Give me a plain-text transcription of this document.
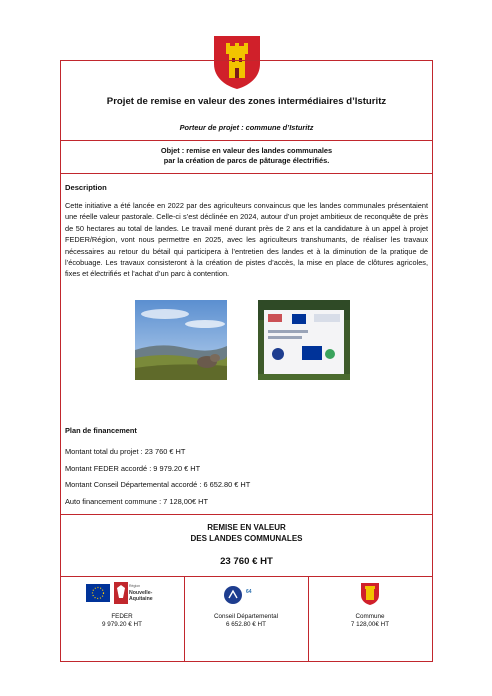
Projet de remise en valeur des zones intermédiaires d’Isturitz
Porteur de projet : commune d’Isturitz
Objet : remise en valeur des landes communales
par la création de parcs de pâturage électrifiés.
Description
Cette initiative a été lancée en 2022 par des agriculteurs convaincus que les landes communales présentaient une réelle valeur pastorale. Celle-ci s’est déclinée en 2024, autour d’un projet ambitieux de reconquête de près de 50 hectares au total de landes. Le travail mené durant près de 2 ans et la candidature à un appel à projet FEDER/Région, vont nous permettre en 2025, avec les agriculteurs transhumants, de réaliser les travaux nécessaires au retour du bétail qui participera à l’entretien des landes et à la diminution de la pratique de l’écobuage. Les travaux consisteront à la création de pistes d’accès, la mise en place de clôtures agricoles, fixes et électrifiés et l’achat d’un parc à contention.
Plan de financement
Montant total du projet : 23 760 € HT
Montant FEDER accordé : 9 979.20 € HT
Montant Conseil Départemental accordé : 6 652.80 € HT
Auto financement commune : 7 128,00€ HT
REMISE EN VALEUR
DES LANDES COMMUNALES
23 760 € HT
Région
Nouvelle-Aquitaine
FEDER
9 979.20 € HT
64
Conseil Départemental
6 652.80 € HT
Commune
7 128,00€ HT
